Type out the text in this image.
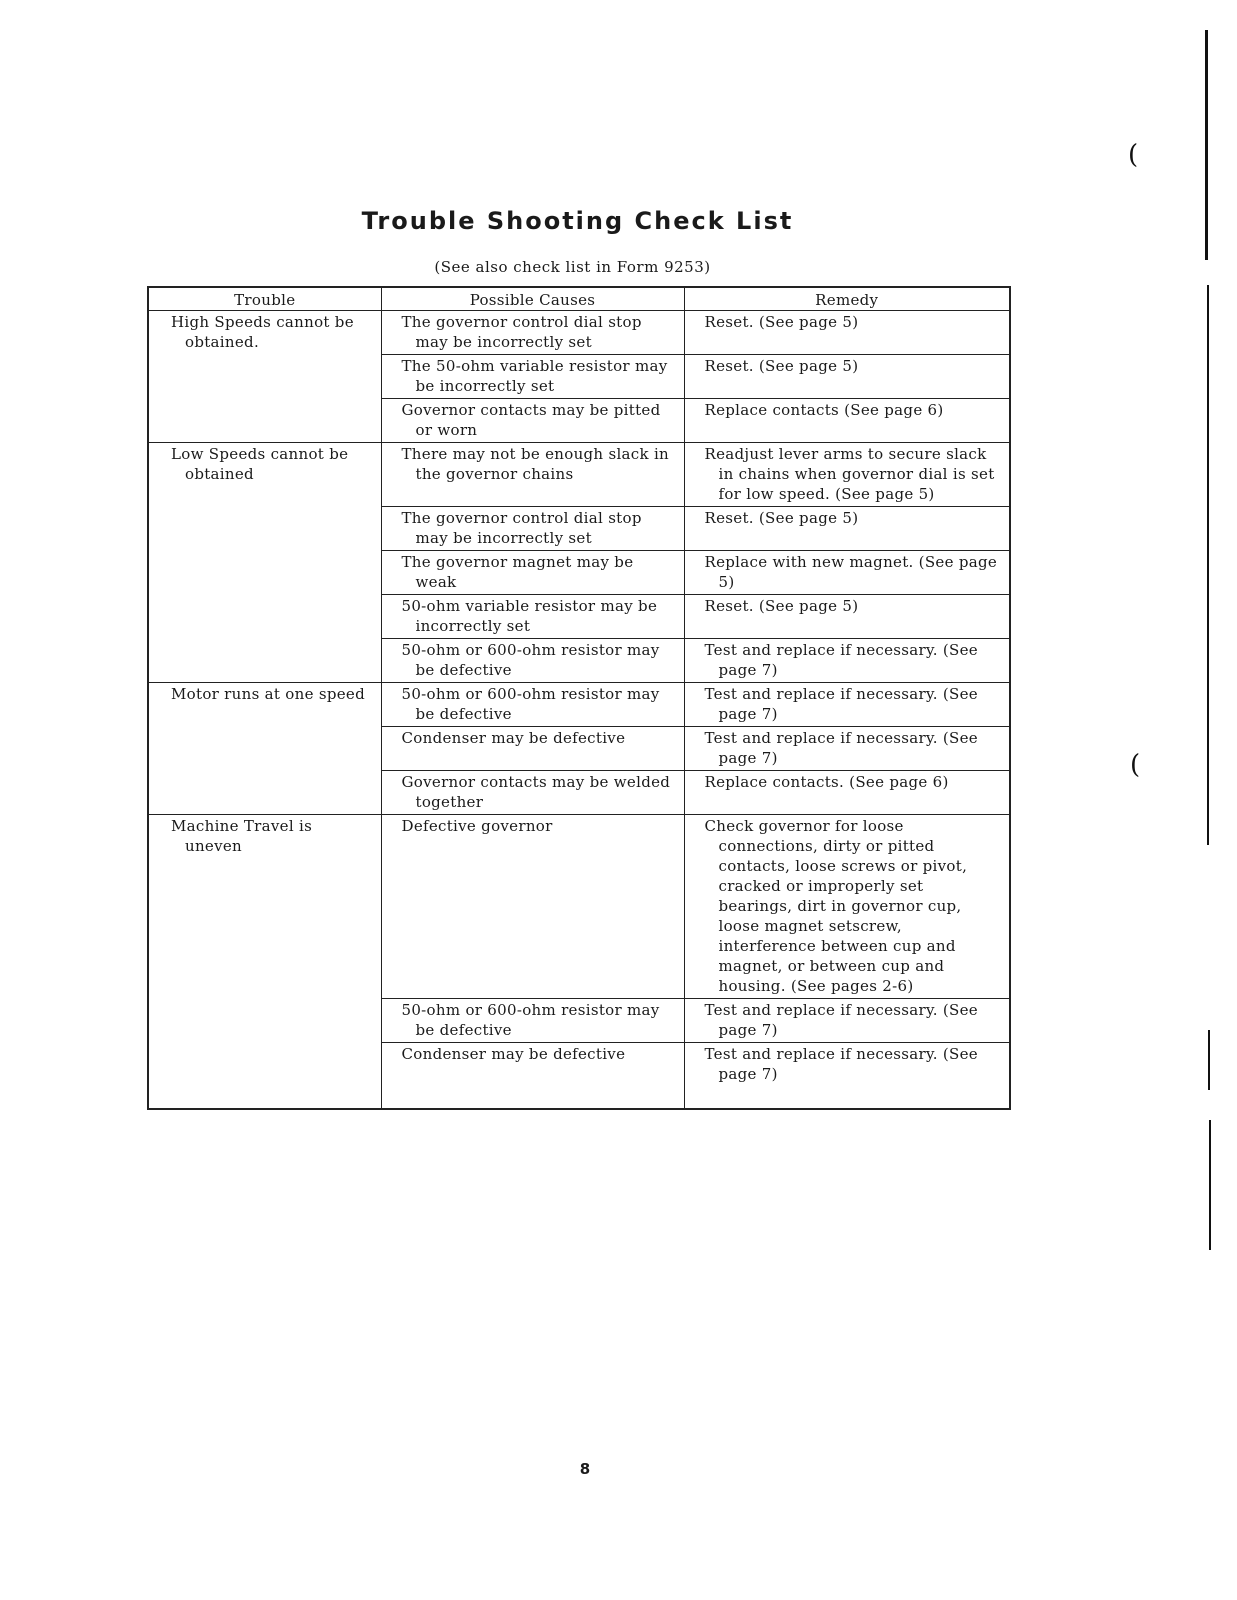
Trouble Shooting Check List
(See also check list in Form 9253)
Trouble	Possible Causes	Remedy
High Speeds cannot be obtained.	The governor control dial stop may be incorrectly set	Reset. (See page 5)
	The 50-ohm variable resistor may be incorrectly set	Reset. (See page 5)
	Governor contacts may be pitted or worn	Replace contacts (See page 6)
Low Speeds cannot be obtained	There may not be enough slack in the governor chains	Readjust lever arms to secure slack in chains when governor dial is set for low speed. (See page 5)
	The governor control dial stop may be incorrectly set	Reset. (See page 5)
	The governor magnet may be weak	Replace with new magnet. (See page 5)
	50-ohm variable resistor may be incorrectly set	Reset. (See page 5)
	50-ohm or 600-ohm resistor may be defective	Test and replace if necessary. (See page 7)
Motor runs at one speed	50-ohm or 600-ohm resistor may be defective	Test and replace if necessary. (See page 7)
	Condenser may be defective	Test and replace if necessary. (See page 7)
	Governor contacts may be welded together	Replace contacts. (See page 6)
Machine Travel is uneven	Defective governor	Check governor for loose connections, dirty or pitted contacts, loose screws or pivot, cracked or improperly set bearings, dirt in governor cup, loose magnet setscrew, interference between cup and magnet, or between cup and housing. (See pages 2-6)
	50-ohm or 600-ohm resistor may be defective	Test and replace if necessary. (See page 7)
	Condenser may be defective	Test and replace if necessary. (See page 7)
8
(
(
